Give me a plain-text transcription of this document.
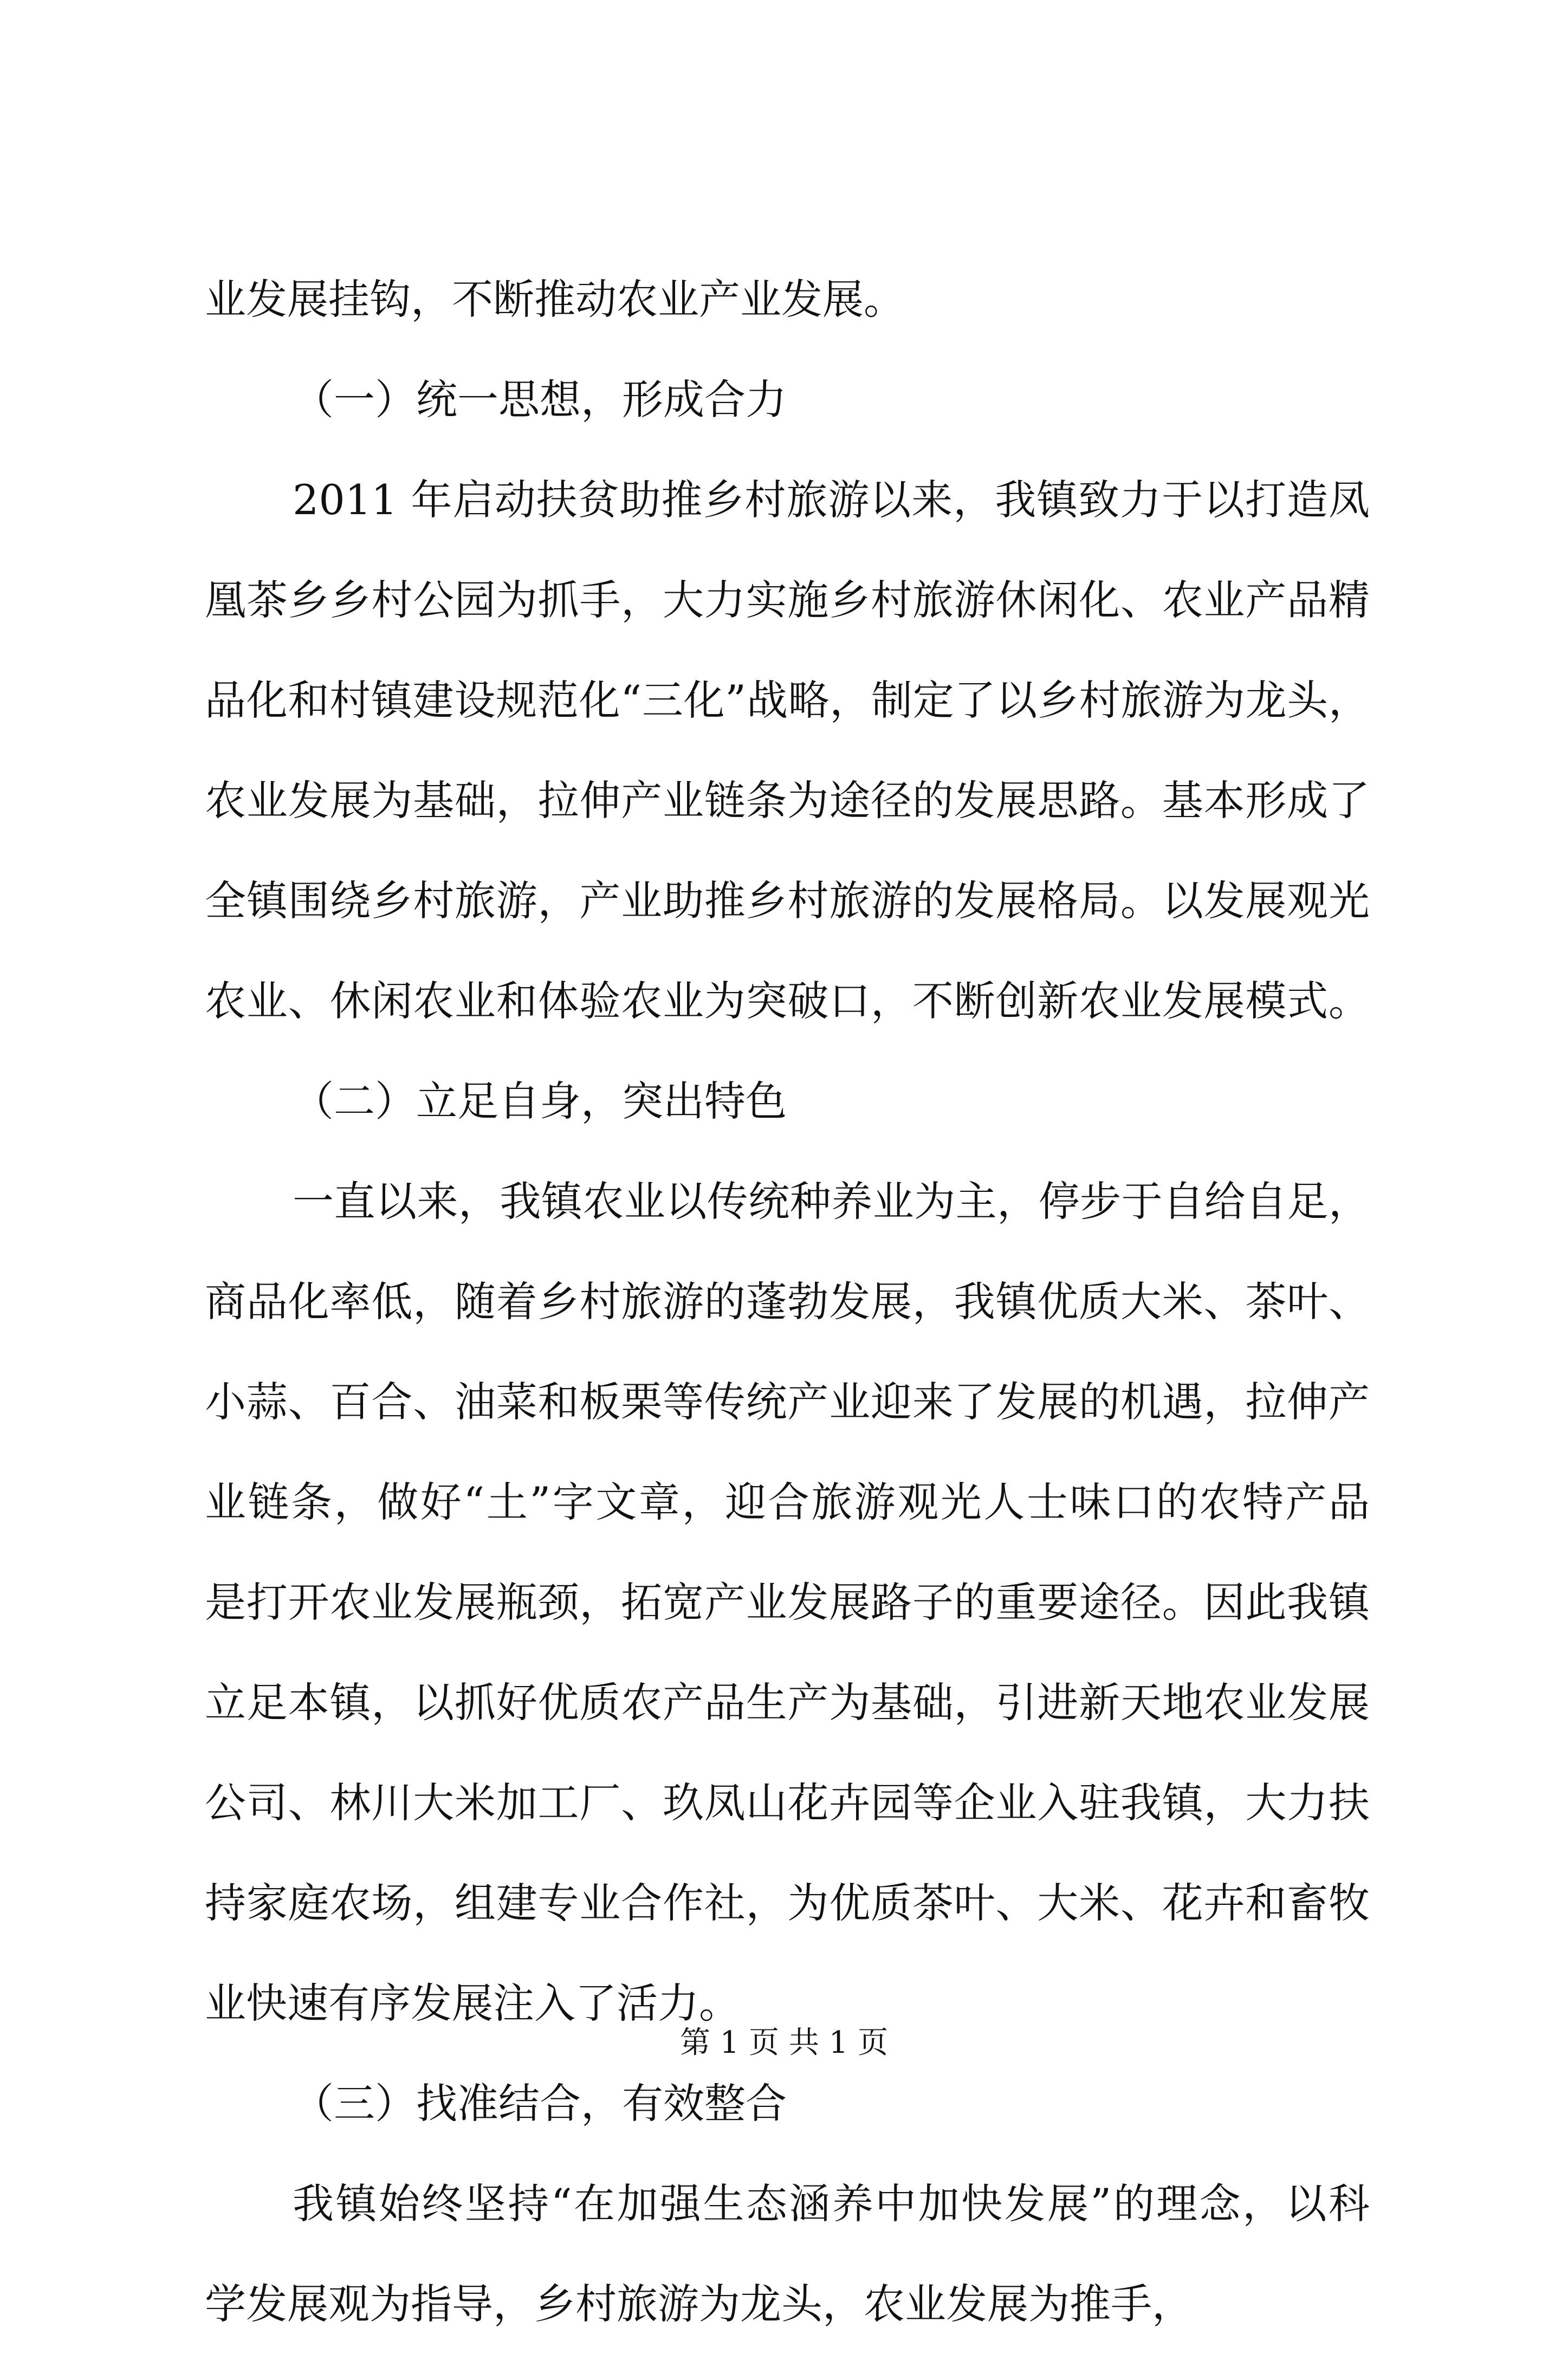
业发展挂钩，不断推动农业产业发展。
（一）统一思想，形成合力
2011 年启动扶贫助推乡村旅游以来，我镇致力于以打造凤
凰茶乡乡村公园为抓手，大力实施乡村旅游休闲化、农业产品精
品化和村镇建设规范化“三化”战略，制定了以乡村旅游为龙头，
农业发展为基础，拉伸产业链条为途径的发展思路。基本形成了
全镇围绕乡村旅游，产业助推乡村旅游的发展格局。以发展观光
农业、休闲农业和体验农业为突破口，不断创新农业发展模式。
（二）立足自身，突出特色
一直以来，我镇农业以传统种养业为主，停步于自给自足，
商品化率低，随着乡村旅游的蓬勃发展，我镇优质大米、茶叶、
小蒜、百合、油菜和板栗等传统产业迎来了发展的机遇，拉伸产
业链条，做好“土”字文章，迎合旅游观光人士味口的农特产品
是打开农业发展瓶颈，拓宽产业发展路子的重要途径。因此我镇
立足本镇，以抓好优质农产品生产为基础，引进新天地农业发展
公司、林川大米加工厂、玖凤山花卉园等企业入驻我镇，大力扶
持家庭农场，组建专业合作社，为优质茶叶、大米、花卉和畜牧
业快速有序发展注入了活力。
（三）找准结合，有效整合
我镇始终坚持“在加强生态涵养中加快发展”的理念，以科
学发展观为指导，乡村旅游为龙头，农业发展为推手，
第 1 页 共 1 页
